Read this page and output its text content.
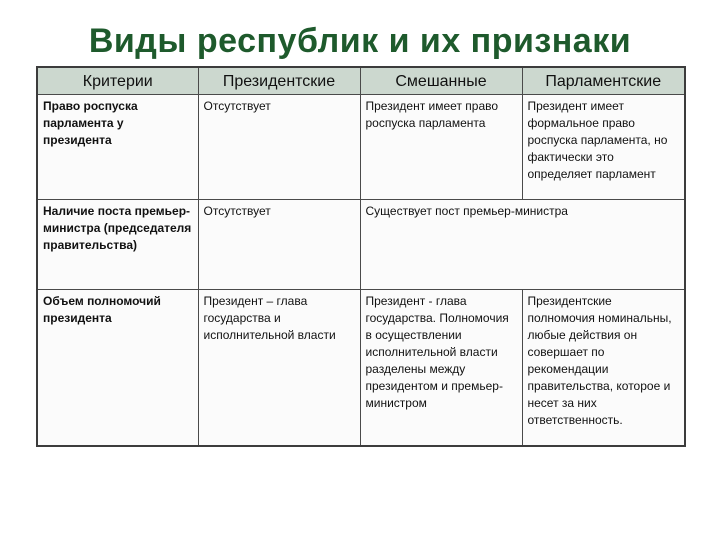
Виды республик и их признаки
Критерии	Президентские	Смешанные	Парламентские
Право роспуска парламента у президента	Отсутствует	Президент имеет право роспуска парламента	Президент имеет формальное право роспуска парламента, но фактически это определяет парламент
Наличие поста премьер-министра (председателя правительства)	Отсутствует	Существует пост премьер-министра	
Объем полномочий президента	Президент – глава государства и исполнительной власти	Президент - глава государства. Полномочия в осуществлении исполнительной власти разделены между президентом и премьер-министром	Президентские полномочия номинальны, любые действия он совершает по рекомендации правительства, которое и несет за них ответственность.
